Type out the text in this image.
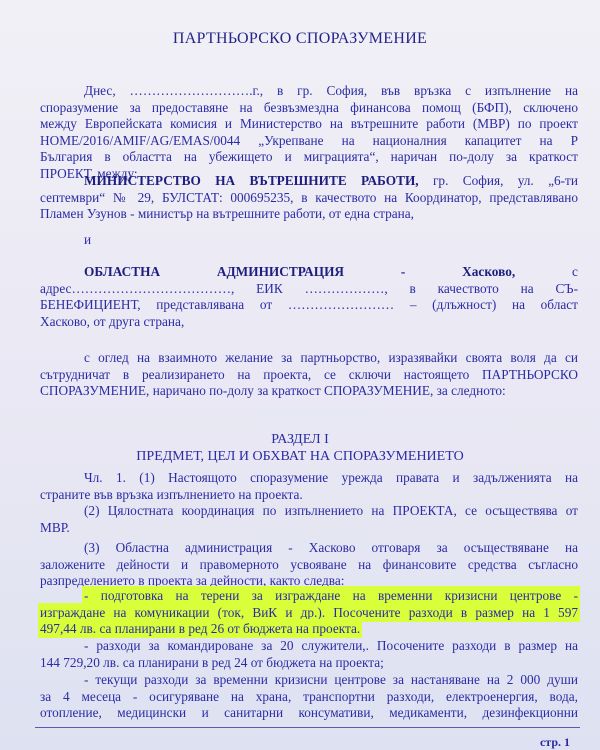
ПАРТНЬОРСКО СПОРАЗУМЕНИЕ
Днес, ……………………….г., в гр. София, във връзка с изпълнение на
споразумение за предоставяне на безвъзмездна финансова помощ (БФП), сключено
между Европейската комисия и Министерство на вътрешните работи (МВР) по проект
HOME/2016/AMIF/AG/EMAS/0044 „Укрепване на националния капацитет на Р
България в областта на убежището и миграцията“, наричан по-долу за краткост
ПРОЕКТ, между:
МИНИСТЕРСТВО НА ВЪТРЕШНИТЕ РАБОТИ, гр. София, ул. „6-ти
септември“ № 29, БУЛСТАТ: 000695235, в качеството на Координатор, представлявано
Пламен Узунов - министър на вътрешните работи, от една страна,
и
ОБЛАСТНА	АДМИНИСТРАЦИЯ	-	Хасково,	с
адрес………………………………, ЕИК ………………, в качеството на СЪ-
БЕНЕФИЦИЕНТ, представлявана от …………………… – (длъжност) на област
Хасково, от друга страна,
с оглед на взаимното желание за партньорство, изразявайки своята воля да си
сътрудничат в реализирането на проекта, се сключи настоящето ПАРТНЬОРСКО
СПОРАЗУМЕНИЕ, наричано по-долу за краткост СПОРАЗУМЕНИЕ, за следното:
РАЗДЕЛ I
ПРЕДМЕТ, ЦЕЛ И ОБХВАТ НА СПОРАЗУМЕНИЕТО
Чл. 1. (1) Настоящото споразумение урежда правата и задълженията на
страните във връзка изпълнението на проекта.
(2) Цялостната координация по изпълнението на ПРОЕКТА, се осъществява от
МВР.
(3) Областна администрация - Хасково отговаря за осъществяване на
заложените дейности и правомерното усвояване на финансовите средства съгласно
разпределението в проекта за дейности, както следва:
- подготовка на терени за изграждане на временни кризисни центрове -
изграждане на комуникации (ток, ВиК и др.). Посочените разходи в размер на 1 597
497,44 лв. са планирани в ред 26 от бюджета на проекта.
- разходи за командироване за 20 служители,. Посочените разходи в размер на
144 729,20 лв. са планирани в ред 24 от бюджета на проекта;
- текущи разходи за временни кризисни центрове за настаняване на 2 000 души
за 4 месеца - осигуряване на храна, транспортни разходи, електроенергия, вода,
отопление, медицински и санитарни консумативи, медикаменти, дезинфекционни
стр. 1
